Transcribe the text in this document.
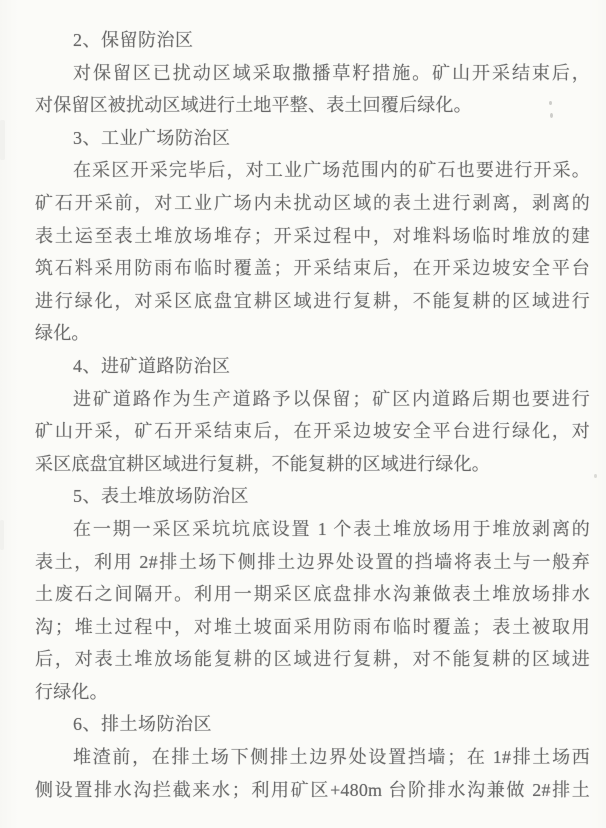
2、保留防治区
对保留区已扰动区域采取撒播草籽措施。矿山开采结束后，
对保留区被扰动区域进行土地平整、表土回覆后绿化。
3、工业广场防治区
在采区开采完毕后，对工业广场范围内的矿石也要进行开采。
矿石开采前，对工业广场内未扰动区域的表土进行剥离，剥离的
表土运至表土堆放场堆存；开采过程中，对堆料场临时堆放的建
筑石料采用防雨布临时覆盖；开采结束后，在开采边坡安全平台
进行绿化，对采区底盘宜耕区域进行复耕，不能复耕的区域进行
绿化。
4、进矿道路防治区
进矿道路作为生产道路予以保留；矿区内道路后期也要进行
矿山开采，矿石开采结束后，在开采边坡安全平台进行绿化，对
采区底盘宜耕区域进行复耕，不能复耕的区域进行绿化。
5、表土堆放场防治区
在一期一采区采坑坑底设置 1 个表土堆放场用于堆放剥离的
表土，利用 2#排土场下侧排土边界处设置的挡墙将表土与一般弃
土废石之间隔开。利用一期采区底盘排水沟兼做表土堆放场排水
沟；堆土过程中，对堆土坡面采用防雨布临时覆盖；表土被取用
后，对表土堆放场能复耕的区域进行复耕，对不能复耕的区域进
行绿化。
6、排土场防治区
堆渣前，在排土场下侧排土边界处设置挡墙；在 1#排土场西
侧设置排水沟拦截来水；利用矿区+480m 台阶排水沟兼做 2#排土
